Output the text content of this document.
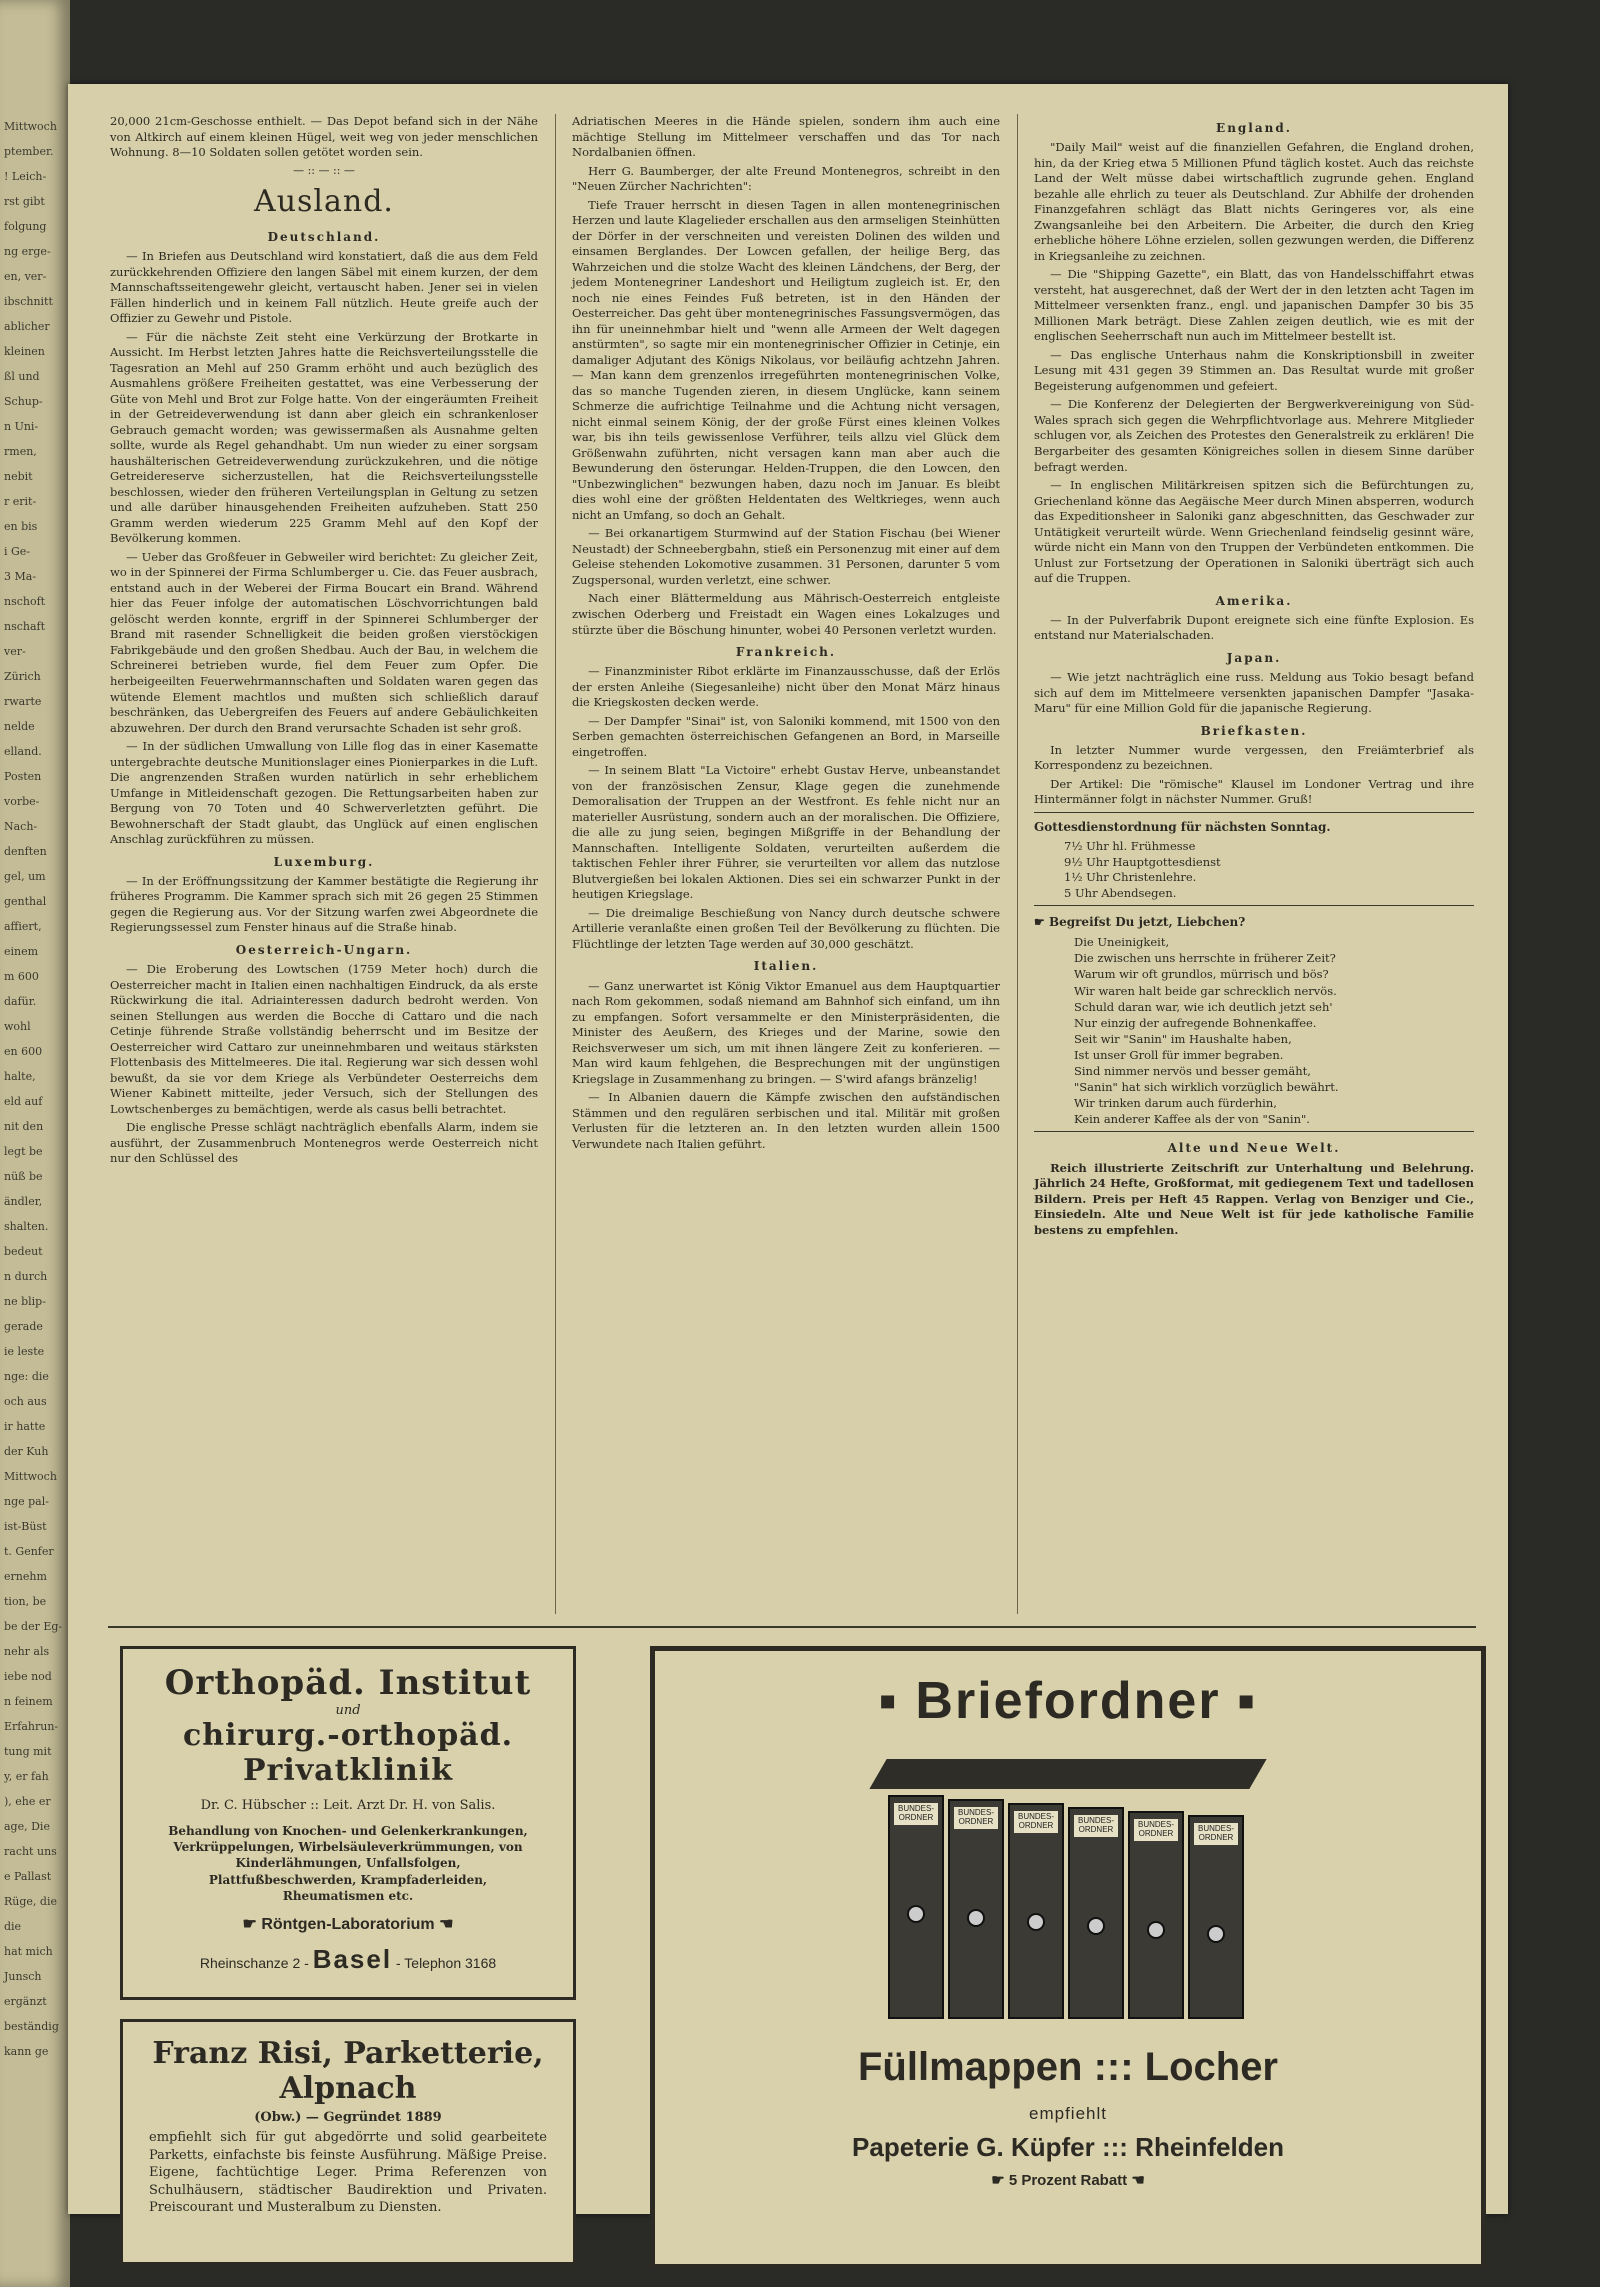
Mittwoch
ptember.
! Leich-
rst gibt
folgung
ng erge-
en, ver-
ibschnitt
ablicher
kleinen
ßl und
Schup-
n Uni-
rmen,
nebit
r erit-
en bis
i Ge-
3 Ma-
nschoft
nschaft
ver-
Zürich
rwarte
nelde
elland.
Posten
vorbe-
Nach-
denften
gel, um
genthal
affiert,
einem
m 600
dafür.
wohl
en 600
halte,
eld auf
nit den
legt be
nüß be
ändler,
shalten.
bedeut
n durch
ne blip-
gerade
ie leste
nge: die
och aus
ir hatte
der Kuh
Mittwoch
nge pal-
ist-Büst
t. Genfer
ernehm
tion, be
be der Eg-
nehr als
iebe nod
n feinem
Erfahrun-
tung mit
y, er fah
), ehe er
age, Die
racht uns
e Pallast
Rüge, die
die
hat mich
Junsch
ergänzt
beständig
kann ge

20,000 21cm-Geschosse enthielt. — Das Depot befand sich in der Nähe von Altkirch auf einem kleinen Hügel, weit weg von jeder menschlichen Wohnung. 8—10 Soldaten sollen getötet worden sein.

— :: — :: —
Ausland.
Deutschland.

— In Briefen aus Deutschland wird konstatiert, daß die aus dem Feld zurückkehrenden Offiziere den langen Säbel mit einem kurzen, der dem Mannschaftsseitengewehr gleicht, vertauscht haben. Jener sei in vielen Fällen hinderlich und in keinem Fall nützlich. Heute greife auch der Offizier zu Gewehr und Pistole.

— Für die nächste Zeit steht eine Verkürzung der Brotkarte in Aussicht. Im Herbst letzten Jahres hatte die Reichsverteilungsstelle die Tagesration an Mehl auf 250 Gramm erhöht und auch bezüglich des Ausmahlens größere Freiheiten gestattet, was eine Verbesserung der Güte von Mehl und Brot zur Folge hatte. Von der eingeräumten Freiheit in der Getreideverwendung ist dann aber gleich ein schrankenloser Gebrauch gemacht worden; was gewissermaßen als Ausnahme gelten sollte, wurde als Regel gehandhabt. Um nun wieder zu einer sorgsam haushälterischen Getreideverwendung zurückzukehren, und die nötige Getreidereserve sicherzustellen, hat die Reichsverteilungsstelle beschlossen, wieder den früheren Verteilungsplan in Geltung zu setzen und alle darüber hinausgehenden Freiheiten aufzuheben. Statt 250 Gramm werden wiederum 225 Gramm Mehl auf den Kopf der Bevölkerung kommen.

— Ueber das Großfeuer in Gebweiler wird berichtet: Zu gleicher Zeit, wo in der Spinnerei der Firma Schlumberger u. Cie. das Feuer ausbrach, entstand auch in der Weberei der Firma Boucart ein Brand. Während hier das Feuer infolge der automatischen Löschvorrichtungen bald gelöscht werden konnte, ergriff in der Spinnerei Schlumberger der Brand mit rasender Schnelligkeit die beiden großen vierstöckigen Fabrikgebäude und den großen Shedbau. Auch der Bau, in welchem die Schreinerei betrieben wurde, fiel dem Feuer zum Opfer. Die herbeigeeilten Feuerwehrmannschaften und Soldaten waren gegen das wütende Element machtlos und mußten sich schließlich darauf beschränken, das Uebergreifen des Feuers auf andere Gebäulichkeiten abzuwehren. Der durch den Brand verursachte Schaden ist sehr groß.

— In der südlichen Umwallung von Lille flog das in einer Kasematte untergebrachte deutsche Munitionslager eines Pionierparkes in die Luft. Die angrenzenden Straßen wurden natürlich in sehr erheblichem Umfange in Mitleidenschaft gezogen. Die Rettungsarbeiten haben zur Bergung von 70 Toten und 40 Schwerverletzten geführt. Die Bewohnerschaft der Stadt glaubt, das Unglück auf einen englischen Anschlag zurückführen zu müssen.

Luxemburg.

— In der Eröffnungssitzung der Kammer bestätigte die Regierung ihr früheres Programm. Die Kammer sprach sich mit 26 gegen 25 Stimmen gegen die Regierung aus. Vor der Sitzung warfen zwei Abgeordnete die Regierungssessel zum Fenster hinaus auf die Straße hinab.

Oesterreich-Ungarn.

— Die Eroberung des Lowtschen (1759 Meter hoch) durch die Oesterreicher macht in Italien einen nachhaltigen Eindruck, da als erste Rückwirkung die ital. Adriainteressen dadurch bedroht werden. Von seinen Stellungen aus werden die Bocche di Cattaro und die nach Cetinje führende Straße vollständig beherrscht und im Besitze der Oesterreicher wird Cattaro zur uneinnehmbaren und weitaus stärksten Flottenbasis des Mittelmeeres. Die ital. Regierung war sich dessen wohl bewußt, da sie vor dem Kriege als Verbündeter Oesterreichs dem Wiener Kabinett mitteilte, jeder Versuch, sich der Stellungen des Lowtschenberges zu bemächtigen, werde als casus belli betrachtet.

Die englische Presse schlägt nachträglich ebenfalls Alarm, indem sie ausführt, der Zusammenbruch Montenegros werde Oesterreich nicht nur den Schlüssel des

Adriatischen Meeres in die Hände spielen, sondern ihm auch eine mächtige Stellung im Mittelmeer verschaffen und das Tor nach Nordalbanien öffnen.

Herr G. Baumberger, der alte Freund Montenegros, schreibt in den "Neuen Zürcher Nachrichten":

Tiefe Trauer herrscht in diesen Tagen in allen montenegrinischen Herzen und laute Klagelieder erschallen aus den armseligen Steinhütten der Dörfer in der verschneiten und vereisten Dolinen des wilden und einsamen Berglandes. Der Lowcen gefallen, der heilige Berg, das Wahrzeichen und die stolze Wacht des kleinen Ländchens, der Berg, der jedem Montenegriner Landeshort und Heiligtum zugleich ist. Er, den noch nie eines Feindes Fuß betreten, ist in den Händen der Oesterreicher. Das geht über montenegrinisches Fassungsvermögen, das ihn für uneinnehmbar hielt und "wenn alle Armeen der Welt dagegen anstürmten", so sagte mir ein montenegrinischer Offizier in Cetinje, ein damaliger Adjutant des Königs Nikolaus, vor beiläufig achtzehn Jahren. — Man kann dem grenzenlos irregeführten montenegrinischen Volke, das so manche Tugenden zieren, in diesem Unglücke, kann seinem Schmerze die aufrichtige Teilnahme und die Achtung nicht versagen, nicht einmal seinem König, der der große Fürst eines kleinen Volkes war, bis ihn teils gewissenlose Verführer, teils allzu viel Glück dem Größenwahn zuführten, nicht versagen kann man aber auch die Bewunderung den österungar. Helden-Truppen, die den Lowcen, den "Unbezwinglichen" bezwungen haben, dazu noch im Januar. Es bleibt dies wohl eine der größten Heldentaten des Weltkrieges, wenn auch nicht an Umfang, so doch an Gehalt.

— Bei orkanartigem Sturmwind auf der Station Fischau (bei Wiener Neustadt) der Schneebergbahn, stieß ein Personenzug mit einer auf dem Geleise stehenden Lokomotive zusammen. 31 Personen, darunter 5 vom Zugspersonal, wurden verletzt, eine schwer.

Nach einer Blättermeldung aus Mährisch-Oesterreich entgleiste zwischen Oderberg und Freistadt ein Wagen eines Lokalzuges und stürzte über die Böschung hinunter, wobei 40 Personen verletzt wurden.

Frankreich.

— Finanzminister Ribot erklärte im Finanzausschusse, daß der Erlös der ersten Anleihe (Siegesanleihe) nicht über den Monat März hinaus die Kriegskosten decken werde.

— Der Dampfer "Sinai" ist, von Saloniki kommend, mit 1500 von den Serben gemachten österreichischen Gefangenen an Bord, in Marseille eingetroffen.

— In seinem Blatt "La Victoire" erhebt Gustav Herve, unbeanstandet von der französischen Zensur, Klage gegen die zunehmende Demoralisation der Truppen an der Westfront. Es fehle nicht nur an materieller Ausrüstung, sondern auch an der moralischen. Die Offiziere, die alle zu jung seien, begingen Mißgriffe in der Behandlung der Mannschaften. Intelligente Soldaten, verurteilten außerdem die taktischen Fehler ihrer Führer, sie verurteilten vor allem das nutzlose Blutvergießen bei lokalen Aktionen. Dies sei ein schwarzer Punkt in der heutigen Kriegslage.

— Die dreimalige Beschießung von Nancy durch deutsche schwere Artillerie veranlaßte einen großen Teil der Bevölkerung zu flüchten. Die Flüchtlinge der letzten Tage werden auf 30,000 geschätzt.

Italien.

— Ganz unerwartet ist König Viktor Emanuel aus dem Hauptquartier nach Rom gekommen, sodaß niemand am Bahnhof sich einfand, um ihn zu empfangen. Sofort versammelte er den Ministerpräsidenten, die Minister des Aeußern, des Krieges und der Marine, sowie den Reichsverweser um sich, um mit ihnen längere Zeit zu konferieren. — Man wird kaum fehlgehen, die Besprechungen mit der ungünstigen Kriegslage in Zusammenhang zu bringen. — S'wird afangs bränzelig!

— In Albanien dauern die Kämpfe zwischen den aufständischen Stämmen und den regulären serbischen und ital. Militär mit großen Verlusten für die letzteren an. In den letzten wurden allein 1500 Verwundete nach Italien geführt.

England.

"Daily Mail" weist auf die finanziellen Gefahren, die England drohen, hin, da der Krieg etwa 5 Millionen Pfund täglich kostet. Auch das reichste Land der Welt müsse dabei wirtschaftlich zugrunde gehen. England bezahle alle ehrlich zu teuer als Deutschland. Zur Abhilfe der drohenden Finanzgefahren schlägt das Blatt nichts Geringeres vor, als eine Zwangsanleihe bei den Arbeitern. Die Arbeiter, die durch den Krieg erhebliche höhere Löhne erzielen, sollen gezwungen werden, die Differenz in Kriegsanleihe zu zeichnen.

— Die "Shipping Gazette", ein Blatt, das von Handelsschiffahrt etwas versteht, hat ausgerechnet, daß der Wert der in den letzten acht Tagen im Mittelmeer versenkten franz., engl. und japanischen Dampfer 30 bis 35 Millionen Mark beträgt. Diese Zahlen zeigen deutlich, wie es mit der englischen Seeherrschaft nun auch im Mittelmeer bestellt ist.

— Das englische Unterhaus nahm die Konskriptionsbill in zweiter Lesung mit 431 gegen 39 Stimmen an. Das Resultat wurde mit großer Begeisterung aufgenommen und gefeiert.

— Die Konferenz der Delegierten der Bergwerkvereinigung von Süd-Wales sprach sich gegen die Wehrpflichtvorlage aus. Mehrere Mitglieder schlugen vor, als Zeichen des Protestes den Generalstreik zu erklären! Die Bergarbeiter des gesamten Königreiches sollen in diesem Sinne darüber befragt werden.

— In englischen Militärkreisen spitzen sich die Befürchtungen zu, Griechenland könne das Aegäische Meer durch Minen absperren, wodurch das Expeditionsheer in Saloniki ganz abgeschnitten, das Geschwader zur Untätigkeit verurteilt würde. Wenn Griechenland feindselig gesinnt wäre, würde nicht ein Mann von den Truppen der Verbündeten entkommen. Die Unlust zur Fortsetzung der Operationen in Saloniki überträgt sich auch auf die Truppen.

Amerika.

— In der Pulverfabrik Dupont ereignete sich eine fünfte Explosion. Es entstand nur Materialschaden.

Japan.

— Wie jetzt nachträglich eine russ. Meldung aus Tokio besagt befand sich auf dem im Mittelmeere versenkten japanischen Dampfer "Jasaka-Maru" für eine Million Gold für die japanische Regierung.

Briefkasten.

In letzter Nummer wurde vergessen, den Freiämterbrief als Korrespondenz zu bezeichnen.

Der Artikel: Die "römische" Klausel im Londoner Vertrag und ihre Hintermänner folgt in nächster Nummer. Gruß!

Gottesdienstordnung für nächsten Sonntag.
7½ Uhr hl. Frühmesse
9½ Uhr Hauptgottesdienst
1½ Uhr Christenlehre.
5 Uhr Abendsegen.
☛ Begreifst Du jetzt, Liebchen?
Die Uneinigkeit,
Die zwischen uns herrschte in früherer Zeit?
Warum wir oft grundlos, mürrisch und bös?
Wir waren halt beide gar schrecklich nervös.
Schuld daran war, wie ich deutlich jetzt seh'
Nur einzig der aufregende Bohnenkaffee.
Seit wir "Sanin" im Haushalte haben,
Ist unser Groll für immer begraben.
Sind nimmer nervös und besser gemäht,
"Sanin" hat sich wirklich vorzüglich bewährt.
Wir trinken darum auch fürderhin,
Kein anderer Kaffee als der von "Sanin".
Alte und Neue Welt.

Reich illustrierte Zeitschrift zur Unterhaltung und Belehrung. Jährlich 24 Hefte, Großformat, mit gediegenem Text und tadellosen Bildern. Preis per Heft 45 Rappen. Verlag von Benziger und Cie., Einsiedeln. Alte und Neue Welt ist für jede katholische Familie bestens zu empfehlen.

Orthopäd. Institut
und
chirurg.-orthopäd. Privatklinik
Dr. C. Hübscher :: Leit. Arzt Dr. H. von Salis.
Behandlung von Knochen- und Gelenkerkrankungen, Verkrüppelungen, Wirbelsäuleverkrümmungen, von Kinderlähmungen, Unfallsfolgen, Plattfußbeschwerden, Krampfaderleiden, Rheumatismen etc.
☛ Röntgen-Laboratorium ☚
Rheinschanze 2 - Basel - Telephon 3168
Franz Risi, Parketterie, Alpnach
(Obw.) — Gegründet 1889
empfiehlt sich für gut abgedörrte und solid gearbeitete Parketts, einfachste bis feinste Ausführung. Mäßige Preise. Eigene, fachtüchtige Leger. Prima Referenzen von Schulhäusern, städtischer Baudirektion und Privaten. Preiscourant und Musteralbum zu Diensten.
▪ Briefordner ▪
BUNDES-ORDNER
BUNDES-ORDNER
BUNDES-ORDNER
BUNDES-ORDNER
BUNDES-ORDNER
BUNDES-ORDNER
Füllmappen ::: Locher
empfiehlt
Papeterie G. Küpfer ::: Rheinfelden
☛ 5 Prozent Rabatt ☚
